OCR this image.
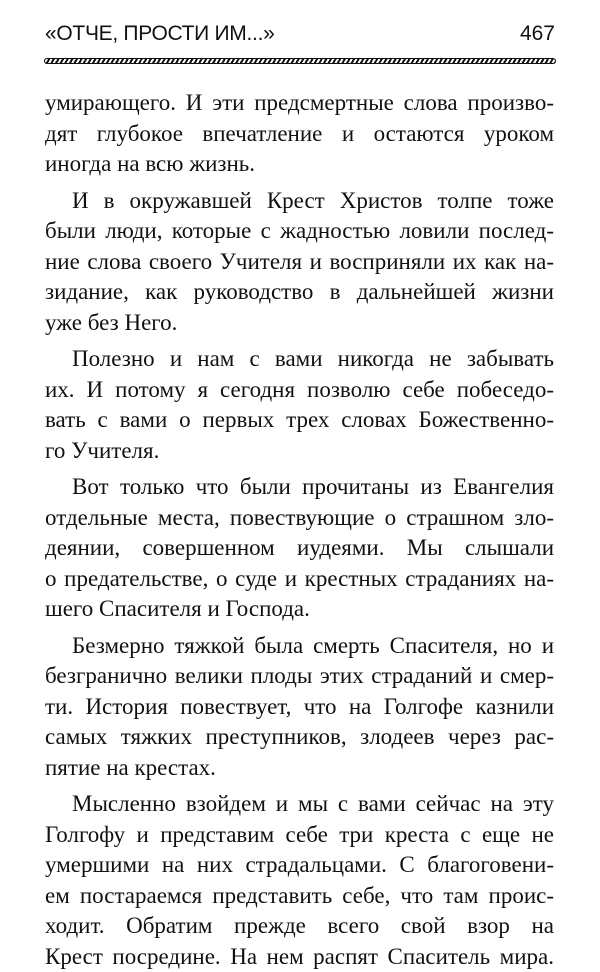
«ОТЧЕ, ПРОСТИ ИМ...»	467
умирающего. И эти предсмертные слова произво-
дят глубокое впечатление и остаются уроком
иногда на всю жизнь.
И в окружавшей Крест Христов толпе тоже
были люди, которые с жадностью ловили послед-
ние слова своего Учителя и восприняли их как на-
зидание, как руководство в дальнейшей жизни
уже без Него.
Полезно и нам с вами никогда не забывать
их. И потому я сегодня позволю себе побеседо-
вать с вами о первых трех словах Божественно-
го Учителя.
Вот только что были прочитаны из Евангелия
отдельные места, повествующие о страшном зло-
деянии, совершенном иудеями. Мы слышали
о предательстве, о суде и крестных страданиях на-
шего Спасителя и Господа.
Безмерно тяжкой была смерть Спасителя, но и
безгранично велики плоды этих страданий и смер-
ти. История повествует, что на Голгофе казнили
самых тяжких преступников, злодеев через рас-
пятие на крестах.
Мысленно взойдем и мы с вами сейчас на эту
Голгофу и представим себе три креста с еще не
умершими на них страдальцами. С благоговени-
ем постараемся представить себе, что там проис-
ходит. Обратим прежде всего свой взор на
Крест посредине. На нем распят Спаситель мира.
